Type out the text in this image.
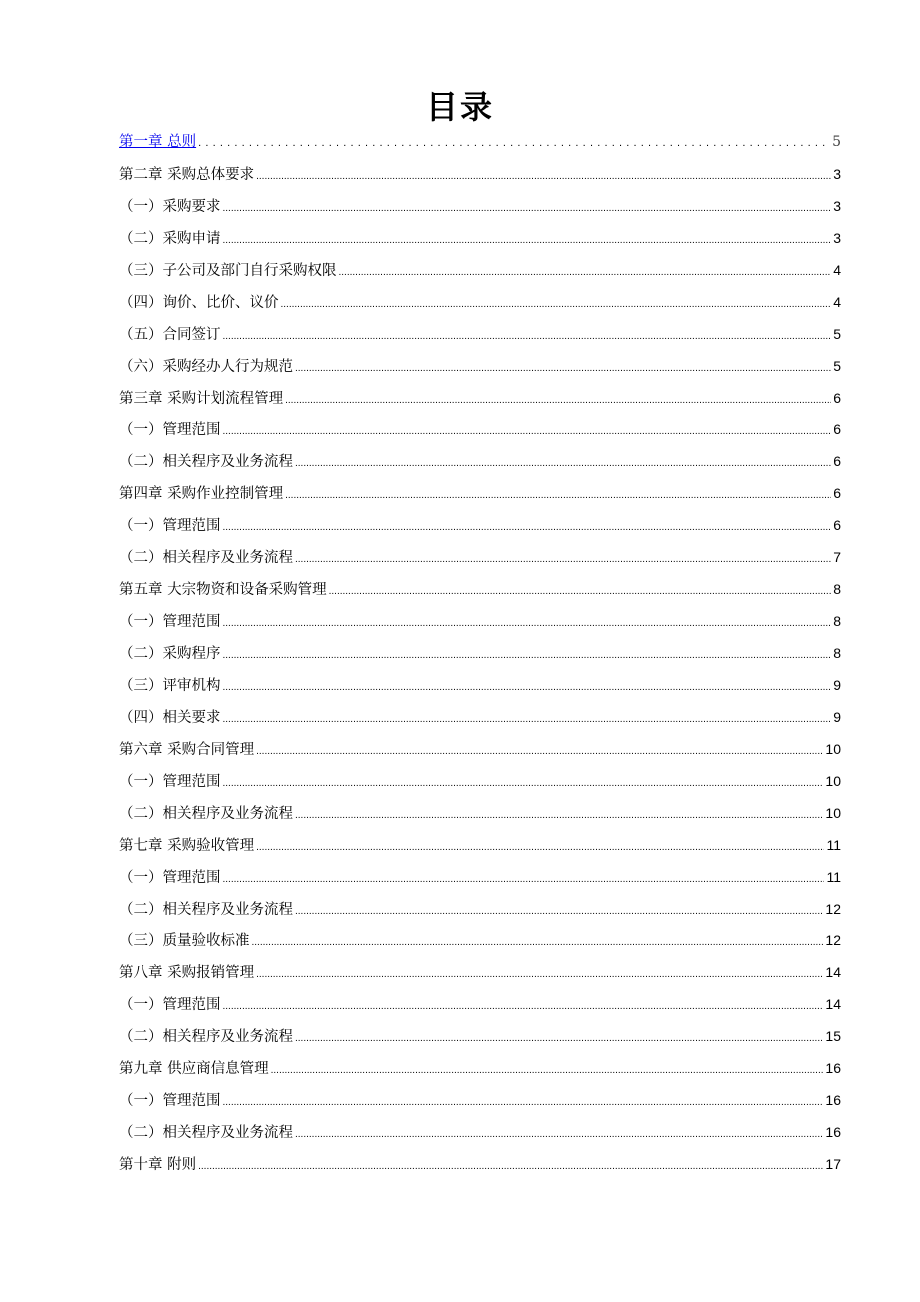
目录
第一章 总则 .....	5
第二章 采购总体要求 .....	3
（一）采购要求 .....	3
（二）采购申请 .....	3
（三）子公司及部门自行采购权限 .....	4
（四）询价、比价、议价 .....	4
（五）合同签订 .....	5
（六）采购经办人行为规范 .....	5
第三章 采购计划流程管理 .....	6
（一）管理范围 .....	6
（二）相关程序及业务流程 .....	6
第四章 采购作业控制管理 .....	6
（一）管理范围 .....	6
（二）相关程序及业务流程 .....	7
第五章 大宗物资和设备采购管理 .....	8
（一）管理范围 .....	8
（二）采购程序 .....	8
（三）评审机构 .....	9
（四）相关要求 .....	9
第六章 采购合同管理 .....	10
（一）管理范围 .....	10
（二）相关程序及业务流程 .....	10
第七章 采购验收管理 .....	11
（一）管理范围 .....	11
（二）相关程序及业务流程 .....	12
（三）质量验收标准 .....	12
第八章 采购报销管理 .....	14
（一）管理范围 .....	14
（二）相关程序及业务流程 .....	15
第九章 供应商信息管理 .....	16
（一）管理范围 .....	16
（二）相关程序及业务流程 .....	16
第十章 附则 .....	17
